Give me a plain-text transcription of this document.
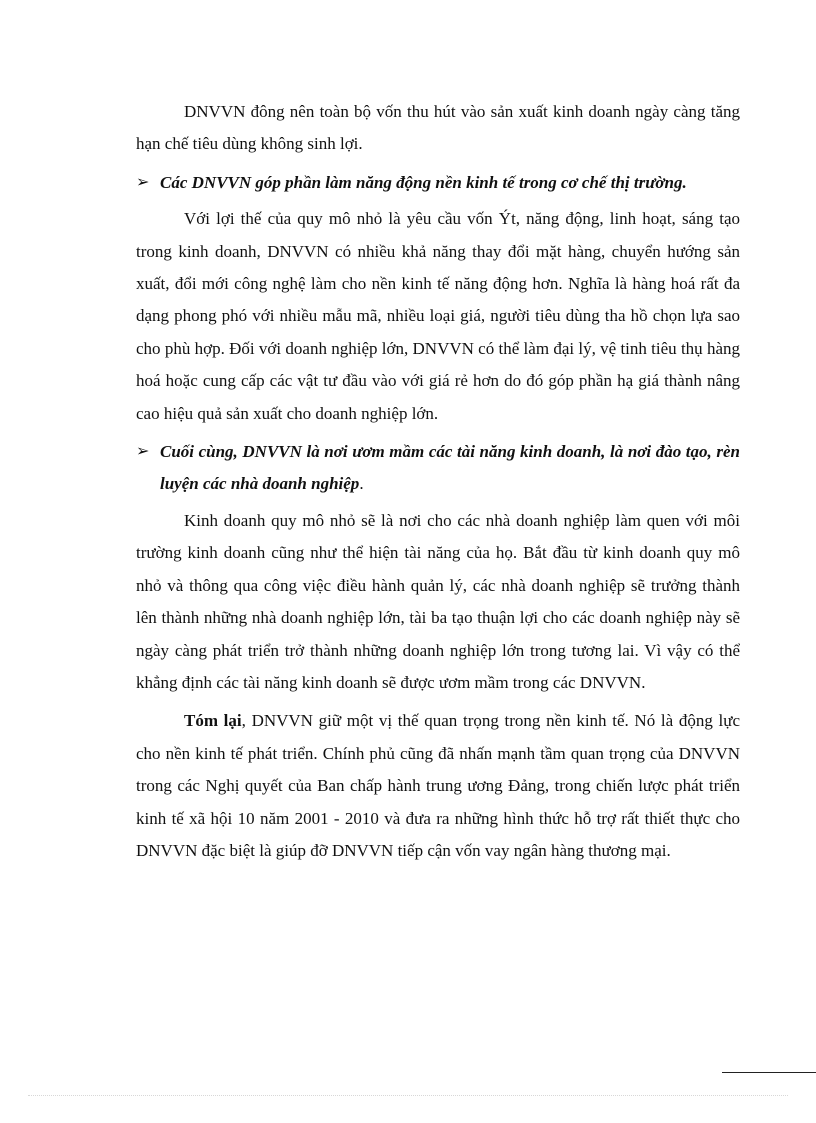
DNVVN đông nên toàn bộ vốn thu hút vào sản xuất kinh doanh ngày càng tăng hạn chế tiêu dùng không sinh lợi.

➢ Các DNVVN góp phần làm năng động nền kinh tế trong cơ chế thị trường.

Với lợi thế của quy mô nhỏ là yêu cầu vốn Ýt, năng động, linh hoạt, sáng tạo trong kinh doanh, DNVVN có nhiều khả năng thay đổi mặt hàng, chuyển hướng sản xuất, đổi mới công nghệ làm cho nền kinh tế năng động hơn. Nghĩa là hàng hoá rất đa dạng phong phó với nhiều mẫu mã, nhiều loại giá, người tiêu dùng tha hồ chọn lựa sao cho phù hợp. Đối với doanh nghiệp lớn, DNVVN có thể làm đại lý, vệ tinh tiêu thụ hàng hoá hoặc cung cấp các vật tư đầu vào với giá rẻ hơn do đó góp phần hạ giá thành nâng cao hiệu quả sản xuất cho doanh nghiệp lớn.

➢ Cuối cùng, DNVVN là nơi ươm mầm các tài năng kinh doanh, là nơi đào tạo, rèn luyện các nhà doanh nghiệp.

Kinh doanh quy mô nhỏ sẽ là nơi cho các nhà doanh nghiệp làm quen với môi trường kinh doanh cũng như thể hiện tài năng của họ. Bắt đầu từ kinh doanh quy mô nhỏ và thông qua công việc điều hành quản lý, các nhà doanh nghiệp sẽ trưởng thành lên thành những nhà doanh nghiệp lớn, tài ba tạo thuận lợi cho các doanh nghiệp này sẽ ngày càng phát triển trở thành những doanh nghiệp lớn trong tương lai. Vì vậy có thể khẳng định các tài năng kinh doanh sẽ được ươm mầm trong các DNVVN.

Tóm lại, DNVVN giữ một vị thế quan trọng trong nền kinh tế. Nó là động lực cho nền kinh tế phát triển. Chính phủ cũng đã nhấn mạnh tầm quan trọng của DNVVN trong các Nghị quyết của Ban chấp hành trung ương Đảng, trong chiến lược phát triển kinh tế xã hội 10 năm 2001 - 2010 và đưa ra những hình thức hỗ trợ rất thiết thực cho DNVVN đặc biệt là giúp đỡ DNVVN tiếp cận vốn vay ngân hàng thương mại.
